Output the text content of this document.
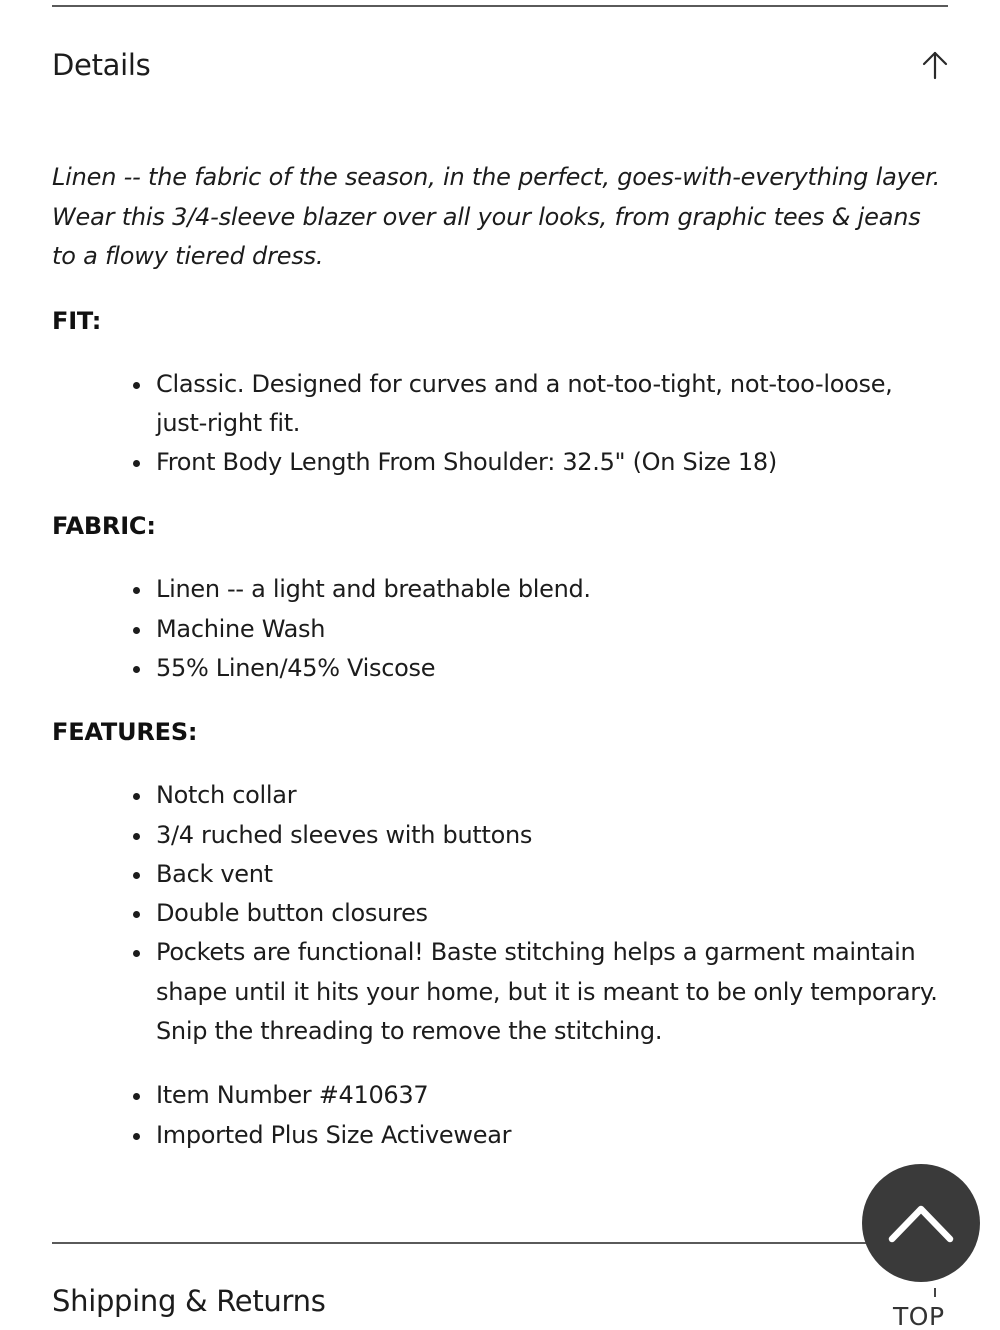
Details

Linen -- the fabric of the season, in the perfect, goes-with-everything layer. Wear this 3/4-sleeve blazer over all your looks, from graphic tees & jeans to a flowy tiered dress.

FIT:
Classic. Designed for curves and a not-too-tight, not-too-loose, just-right fit.
Front Body Length From Shoulder: 32.5" (On Size 18)
FABRIC:
Linen -- a light and breathable blend.
Machine Wash
55% Linen/45% Viscose
FEATURES:
Notch collar
3/4 ruched sleeves with buttons
Back vent
Double button closures
Pockets are functional! Baste stitching helps a garment maintain shape until it hits your home, but it is meant to be only temporary. Snip the threading to remove the stitching.
Item Number #410637
Imported Plus Size Activewear
Shipping & Returns	TOP
